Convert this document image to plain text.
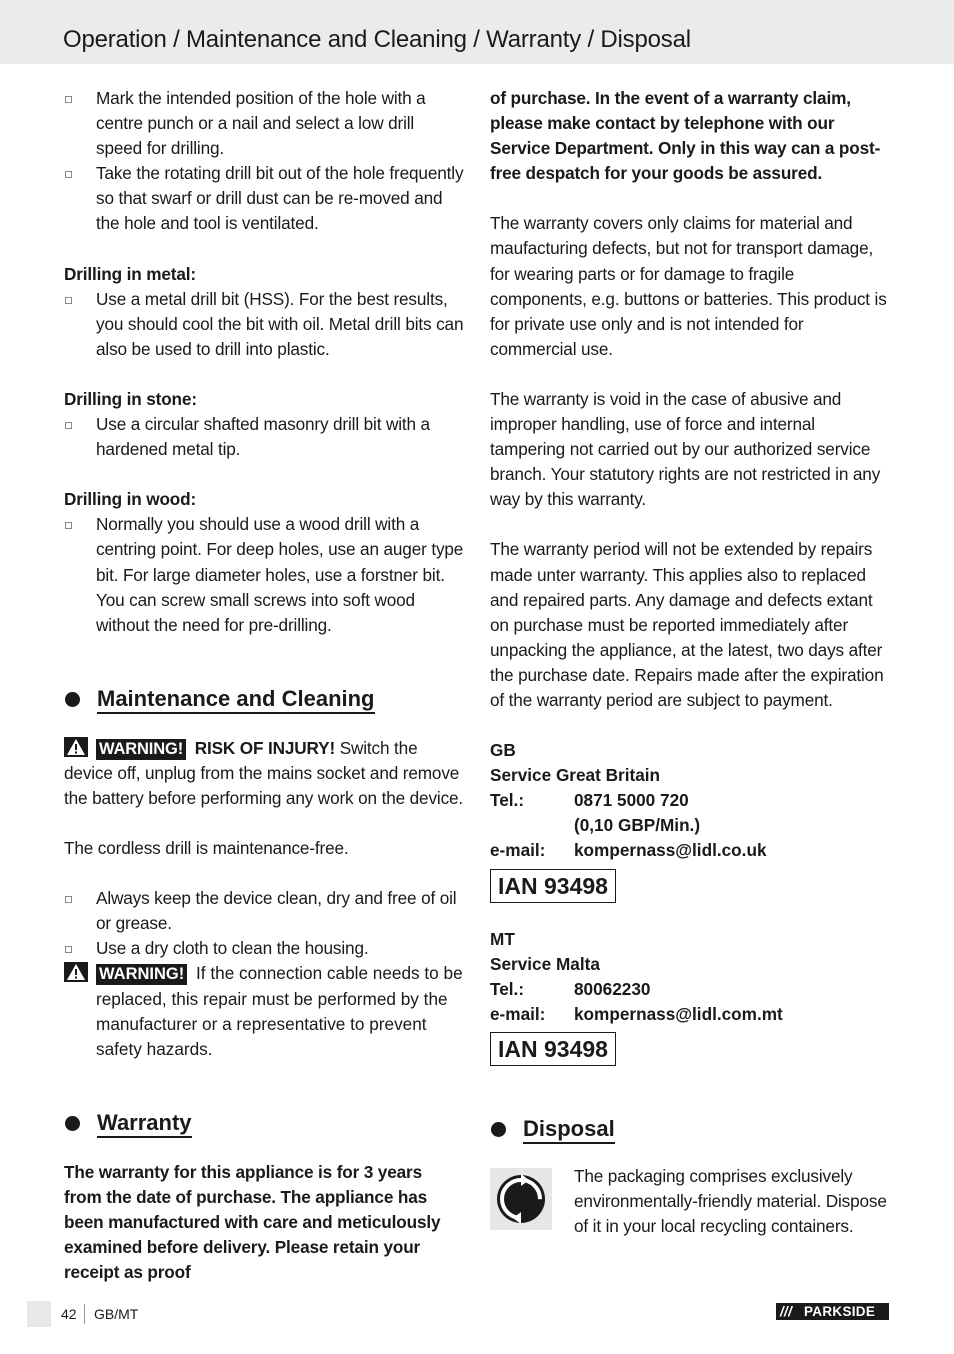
Operation / Maintenance and Cleaning / Warranty / Disposal
Mark the intended position of the hole with a centre punch or a nail and select a low drill speed for drilling.
Take the rotating drill bit out of the hole frequently so that swarf or drill dust can be re-moved and the hole and tool is ventilated.

Drilling in metal:

Use a metal drill bit (HSS). For the best results, you should cool the bit with oil. Metal drill bits can also be used to drill into plastic.

Drilling in stone:

Use a circular shafted masonry drill bit with a hardened metal tip.

Drilling in wood:

Normally you should use a wood drill with a centring point. For deep holes, use an auger type bit. For large diameter holes, use a forstner bit. You can screw small screws into soft wood without the need for pre-drilling.
Maintenance and Cleaning

WARNING! RISK OF INJURY! Switch the device off, unplug from the mains socket and remove the battery before performing any work on the device.

The cordless drill is maintenance-free.

Always keep the device clean, dry and free of oil or grease.
Use a dry cloth to clean the housing.
WARNING! If the connection cable needs to be replaced, this repair must be performed by the manufacturer or a representative to prevent safety hazards.
Warranty

The warranty for this appliance is for 3 years from the date of purchase. The appliance has been manufactured with care and meticulously examined before delivery. Please retain your receipt as proof

of purchase. In the event of a warranty claim, please make contact by telephone with our Service Department. Only in this way can a post-free despatch for your goods be assured.

The warranty covers only claims for material and maufacturing defects, but not for transport damage, for wearing parts or for damage to fragile components, e.g. buttons or batteries. This product is for private use only and is not intended for commercial use.

The warranty is void in the case of abusive and improper handling, use of force and internal tampering not carried out by our authorized service branch. Your statutory rights are not restricted in any way by this warranty.

The warranty period will not be extended by repairs made unter warranty. This applies also to replaced and repaired parts. Any damage and defects extant on purchase must be reported immediately after unpacking the appliance, at the latest, two days after the purchase date. Repairs made after the expiration of the warranty period are subject to payment.

GB
Service Great Britain
Tel.:	0871 5000 720
(0,10 GBP/Min.)
e-mail:	kompernass@lidl.co.uk
IAN 93498
MT
Service Malta
Tel.:	80062230
e-mail:	kompernass@lidl.com.mt
IAN 93498
Disposal

The packaging comprises exclusively environmentally-friendly material. Dispose of it in your local recycling containers.

42 GB/MT	/// PARKSIDE
